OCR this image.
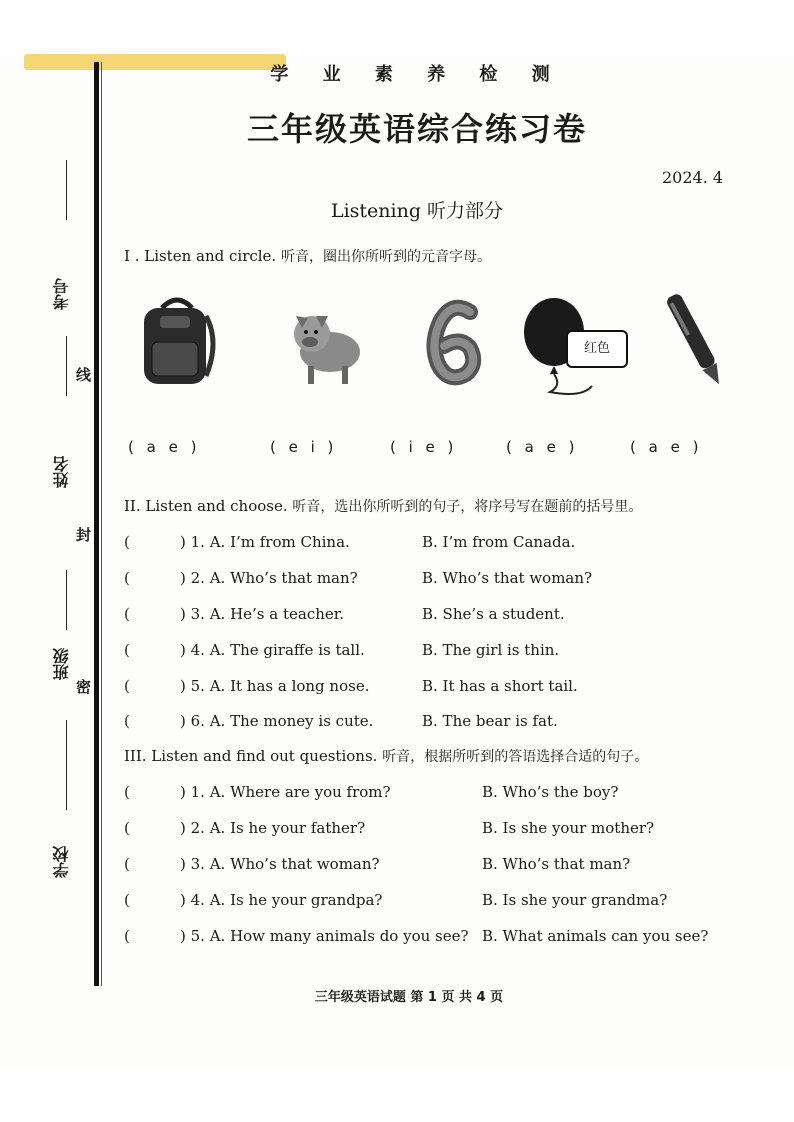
考号
线
姓名
封
班级
密
学校
学 业 素 养 检 测
三年级英语综合练习卷
2024. 4
Listening 听力部分
I . Listen and circle. 听音，圈出你所听到的元音字母。
红色
( a e )	( e i )	( i e )	( a e )	( a e )
II. Listen and choose. 听音，选出你所听到的句子，将序号写在题前的括号里。
(	) 1. A. I’m from China.	B. I’m from Canada.
(	) 2. A. Who’s that man?	B. Who’s that woman?
(	) 3. A. He’s a teacher.	B. She’s a student.
(	) 4. A. The giraffe is tall.	B. The girl is thin.
(	) 5. A. It has a long nose.	B. It has a short tail.
(	) 6. A. The money is cute.	B. The bear is fat.
III. Listen and find out questions. 听音，根据所听到的答语选择合适的句子。
(	) 1. A. Where are you from?	B. Who’s the boy?
(	) 2. A. Is he your father?	B. Is she your mother?
(	) 3. A. Who’s that woman?	B. Who’s that man?
(	) 4. A. Is he your grandpa?	B. Is she your grandma?
(	) 5. A. How many animals do you see? B. What animals can you see?
三年级英语试题 第 1 页 共 4 页
